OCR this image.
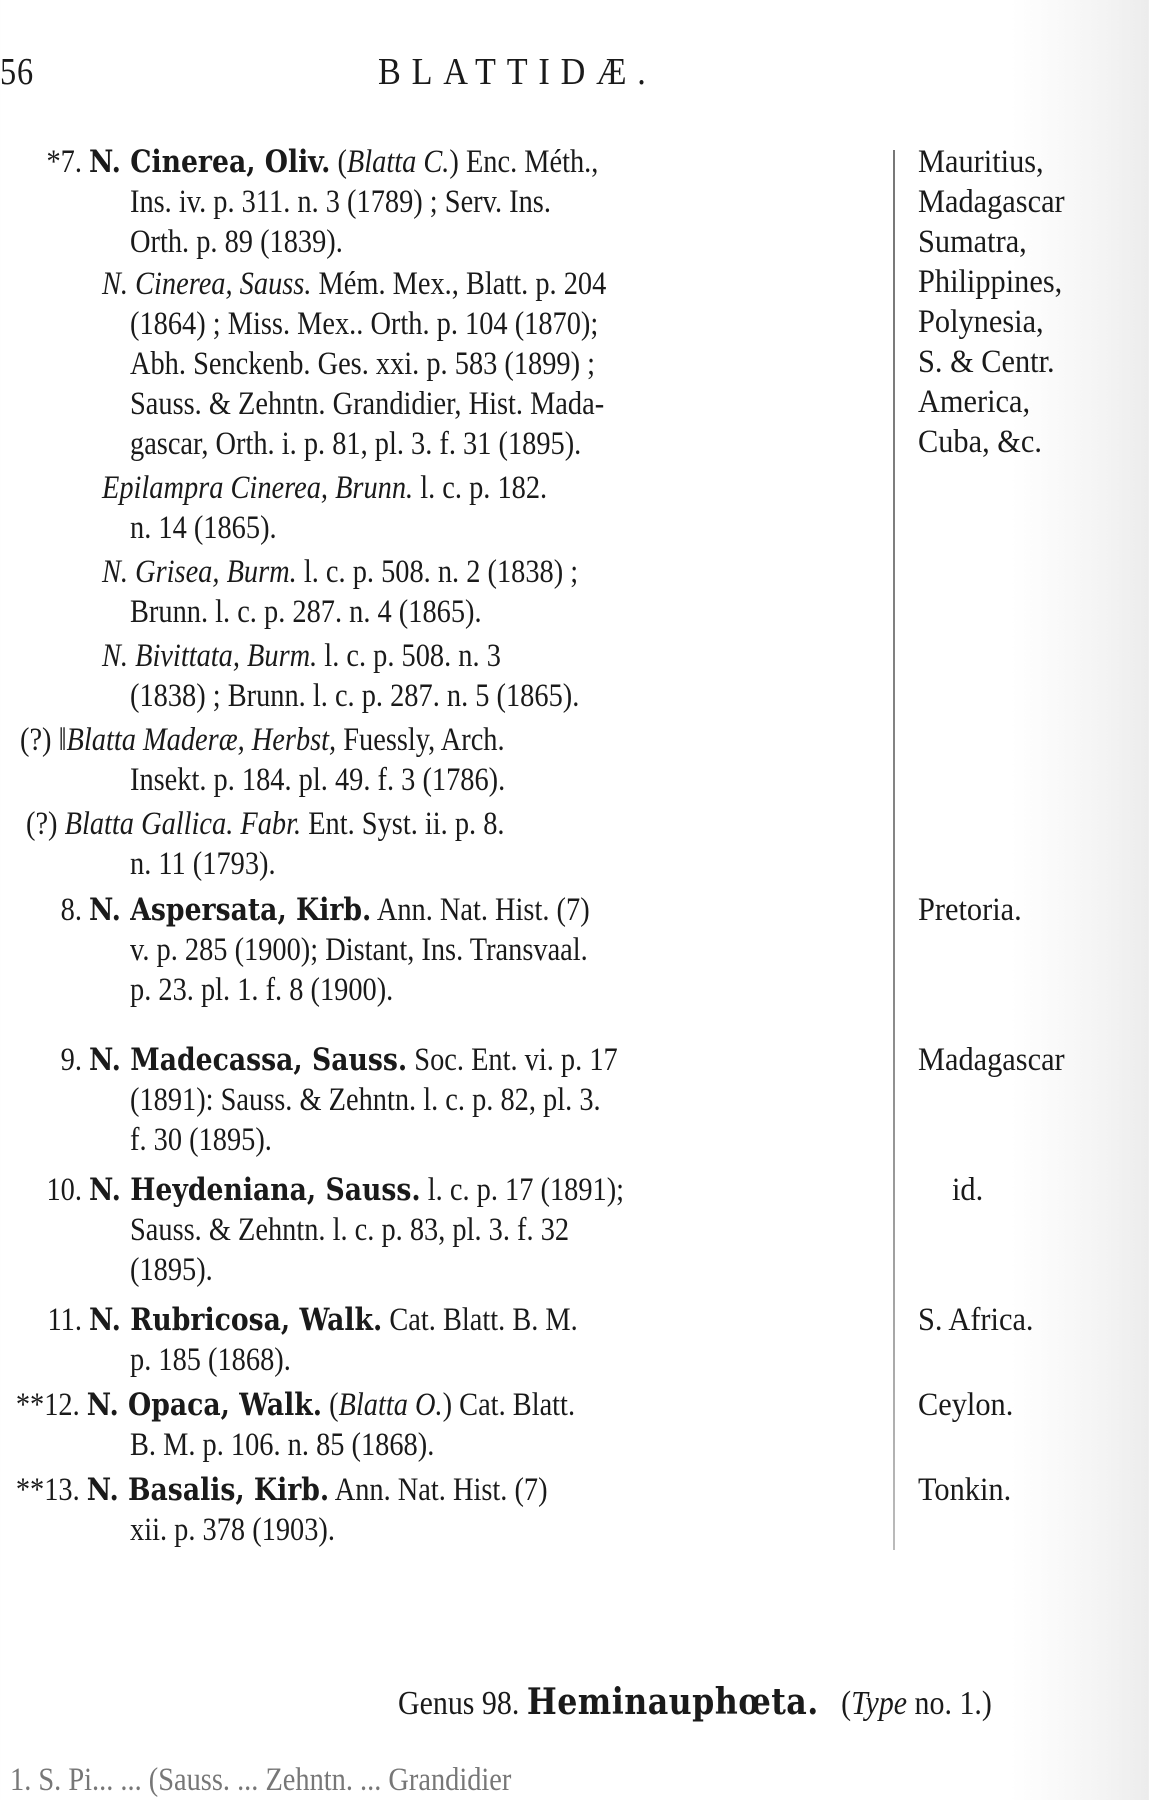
56	BLATTIDÆ.
*7. N. Cinerea, Oliv. (Blatta C.) Enc. Méth.,
Ins. iv. p. 311. n. 3 (1789) ; Serv. Ins.
Orth. p. 89 (1839).
N. Cinerea, Sauss. Mém. Mex., Blatt. p. 204
(1864) ; Miss. Mex.. Orth. p. 104 (1870);
Abh. Senckenb. Ges. xxi. p. 583 (1899) ;
Sauss. & Zehntn. Grandidier, Hist. Mada-
gascar, Orth. i. p. 81, pl. 3. f. 31 (1895).
Epilampra Cinerea, Brunn. l. c. p. 182.
n. 14 (1865).
N. Grisea, Burm. l. c. p. 508. n. 2 (1838) ;
Brunn. l. c. p. 287. n. 4 (1865).
N. Bivittata, Burm. l. c. p. 508. n. 3
(1838) ; Brunn. l. c. p. 287. n. 5 (1865).
(?) ‖Blatta Maderæ, Herbst, Fuessly, Arch.
Insekt. p. 184. pl. 49. f. 3 (1786).
(?) Blatta Gallica. Fabr. Ent. Syst. ii. p. 8.
n. 11 (1793).
Mauritius,
Madagascar
Sumatra,
Philippines,
Polynesia,
S. & Centr.
America,
Cuba, &c.
8. N. Aspersata, Kirb. Ann. Nat. Hist. (7)
v. p. 285 (1900); Distant, Ins. Transvaal.
p. 23. pl. 1. f. 8 (1900).
Pretoria.
9. N. Madecassa, Sauss. Soc. Ent. vi. p. 17
(1891): Sauss. & Zehntn. l. c. p. 82, pl. 3.
f. 30 (1895).
Madagascar
10. N. Heydeniana, Sauss. l. c. p. 17 (1891);
Sauss. & Zehntn. l. c. p. 83, pl. 3. f. 32
(1895).
id.
11. N. Rubricosa, Walk. Cat. Blatt. B. M.
p. 185 (1868).
S. Africa.
**12. N. Opaca, Walk. (Blatta O.) Cat. Blatt.
B. M. p. 106. n. 85 (1868).
Ceylon.
**13. N. Basalis, Kirb. Ann. Nat. Hist. (7)
xii. p. 378 (1903).
Tonkin.
Genus 98. Heminauphœta. (Type no. 1.)
1. S. Pi... ... (Sauss. ... Zehntn. ... Grandidier
